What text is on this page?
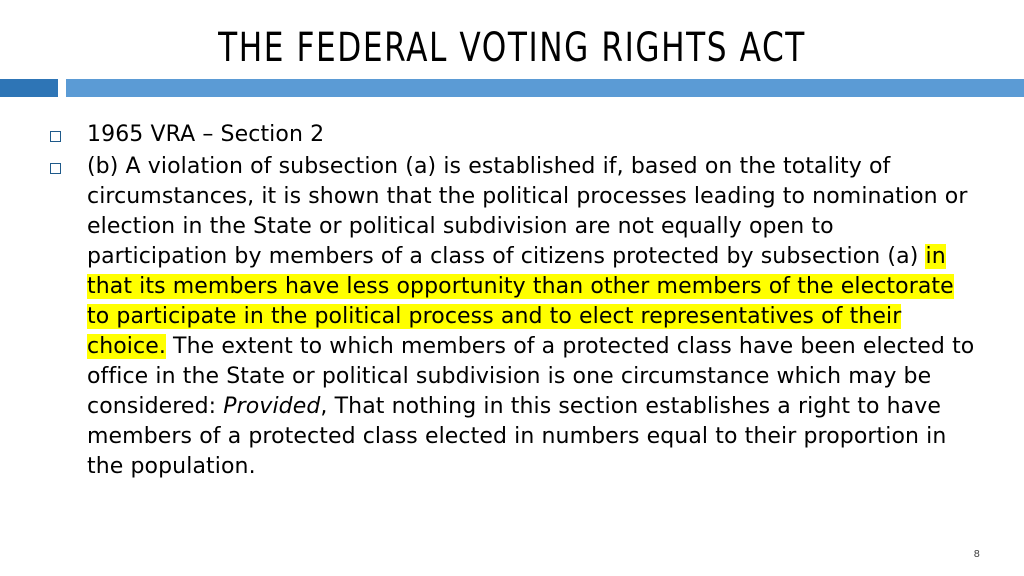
THE FEDERAL VOTING RIGHTS ACT
1965 VRA – Section 2
(b) A violation of subsection (a) is established if, based on the totality of circumstances, it is shown that the political processes leading to nomination or election in the State or political subdivision are not equally open to participation by members of a class of citizens protected by subsection (a) in that its members have less opportunity than other members of the electorate to participate in the political process and to elect representatives of their choice. The extent to which members of a protected class have been elected to office in the State or political subdivision is one circumstance which may be considered: Provided, That nothing in this section establishes a right to have members of a protected class elected in numbers equal to their proportion in the population.
8
